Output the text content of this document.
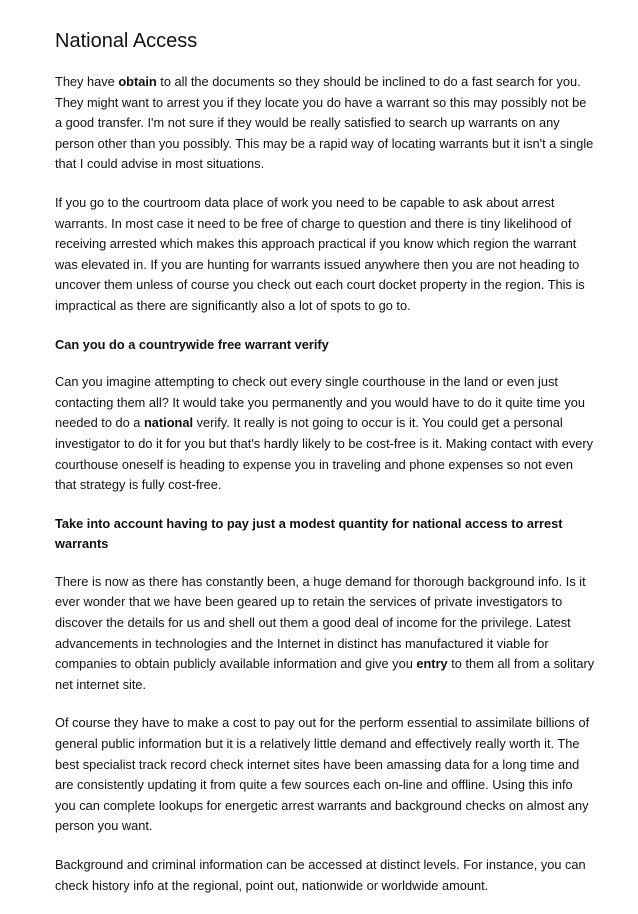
National Access

They have obtain to all the documents so they should be inclined to do a fast search for you. They might want to arrest you if they locate you do have a warrant so this may possibly not be a good transfer. I'm not sure if they would be really satisfied to search up warrants on any person other than you possibly. This may be a rapid way of locating warrants but it isn't a single that I could advise in most situations.

If you go to the courtroom data place of work you need to be capable to ask about arrest warrants. In most case it need to be free of charge to question and there is tiny likelihood of receiving arrested which makes this approach practical if you know which region the warrant was elevated in. If you are hunting for warrants issued anywhere then you are not heading to uncover them unless of course you check out each court docket property in the region. This is impractical as there are significantly also a lot of spots to go to.

Can you do a countrywide free warrant verify

Can you imagine attempting to check out every single courthouse in the land or even just contacting them all? It would take you permanently and you would have to do it quite time you needed to do a national verify. It really is not going to occur is it. You could get a personal investigator to do it for you but that's hardly likely to be cost-free is it. Making contact with every courthouse oneself is heading to expense you in traveling and phone expenses so not even that strategy is fully cost-free.

Take into account having to pay just a modest quantity for national access to arrest warrants

There is now as there has constantly been, a huge demand for thorough background info. Is it ever wonder that we have been geared up to retain the services of private investigators to discover the details for us and shell out them a good deal of income for the privilege. Latest advancements in technologies and the Internet in distinct has manufactured it viable for companies to obtain publicly available information and give you entry to them all from a solitary net internet site.

Of course they have to make a cost to pay out for the perform essential to assimilate billions of general public information but it is a relatively little demand and effectively really worth it. The best specialist track record check internet sites have been amassing data for a long time and are consistently updating it from quite a few sources each on-line and offline. Using this info you can complete lookups for energetic arrest warrants and background checks on almost any person you want.

Background and criminal information can be accessed at distinct levels. For instance, you can check history info at the regional, point out, nationwide or worldwide amount.
